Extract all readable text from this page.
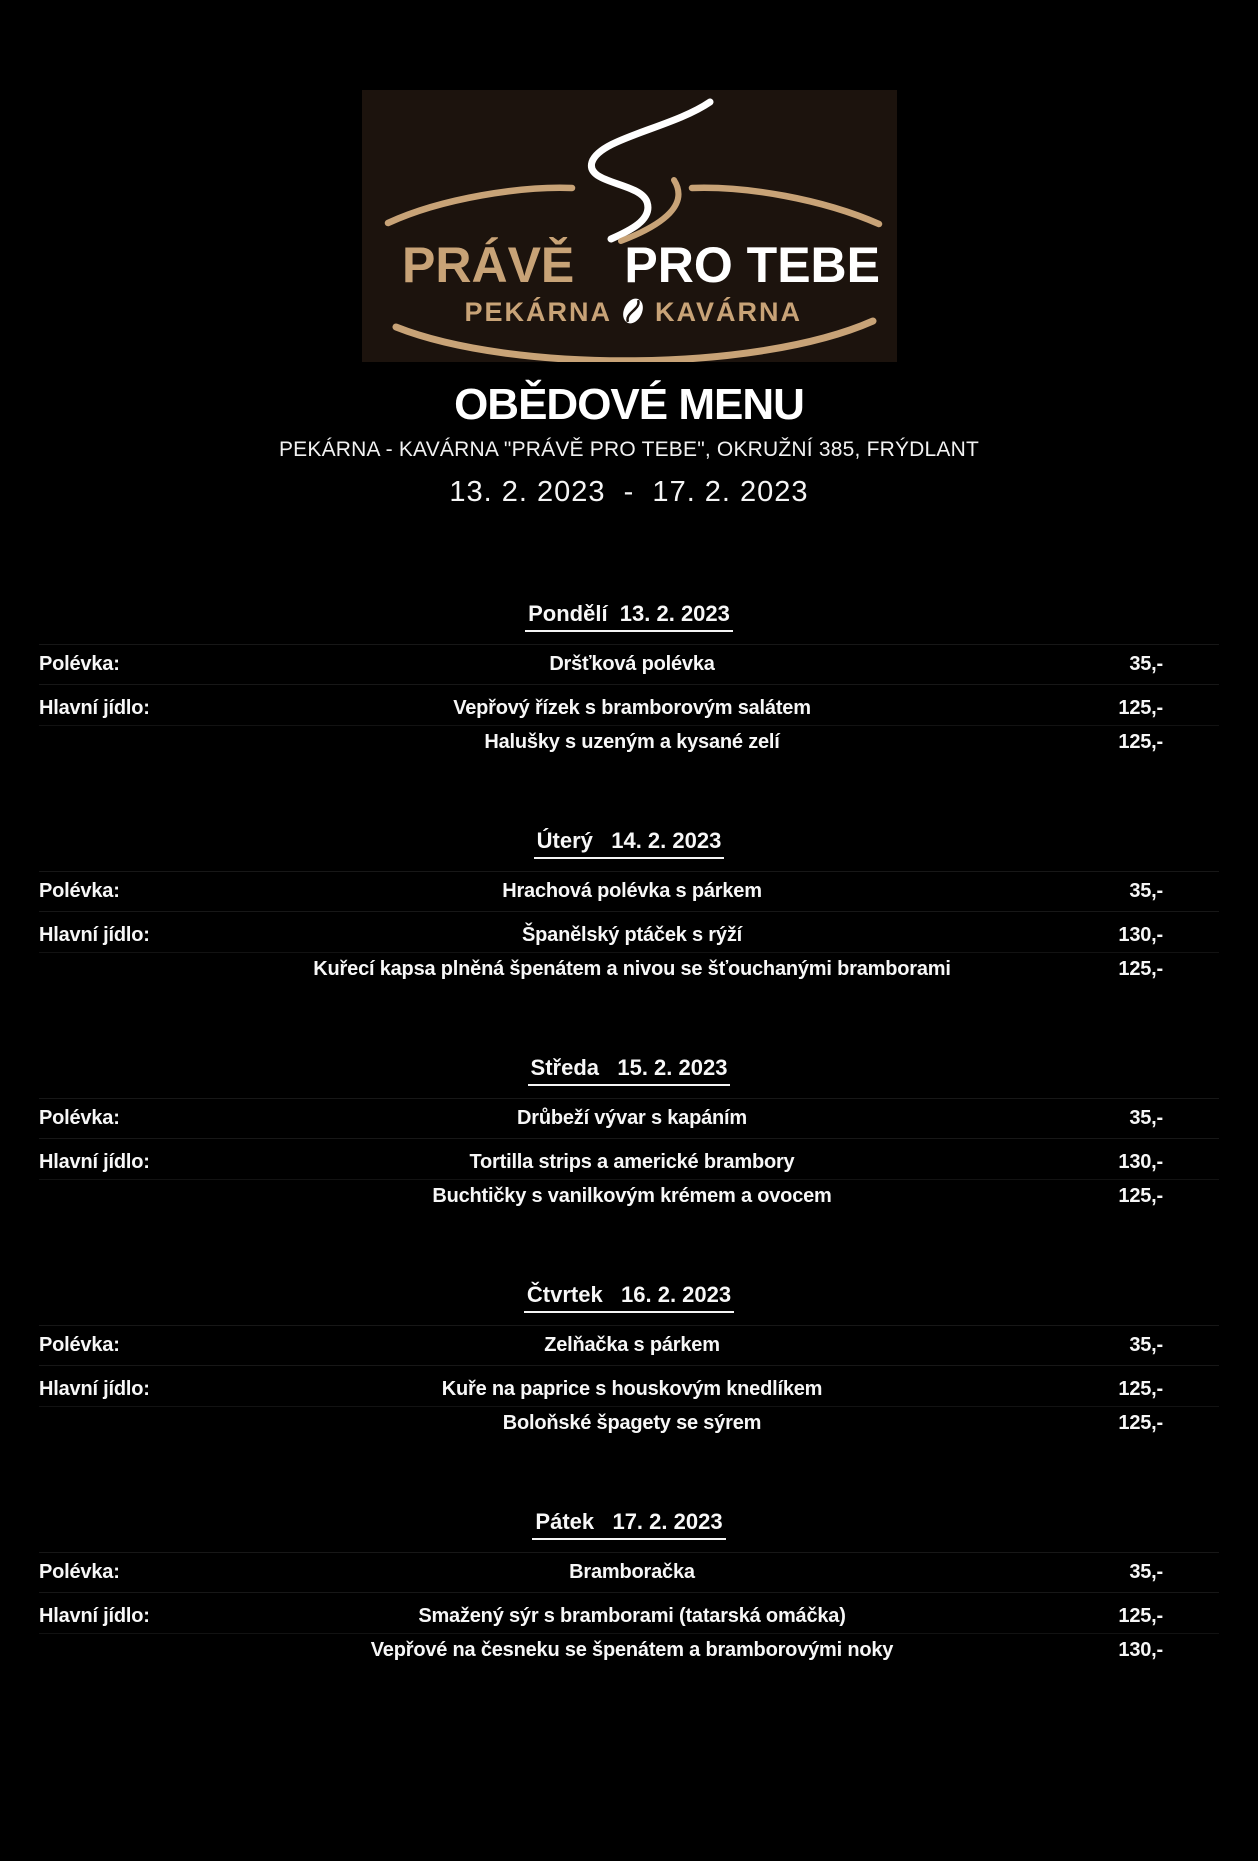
PRÁVĚ PRO TEBE
PEKÁRNA KAVÁRNA
OBĚDOVÉ MENU
PEKÁRNA - KAVÁRNA "PRÁVĚ PRO TEBE", OKRUŽNÍ 385, FRÝDLANT
13. 2. 2023  -  17. 2. 2023
Pondělí  13. 2. 2023
Polévka:	Dršťková polévka	35,-
Hlavní jídlo:	Vepřový řízek s bramborovým salátem	125,-
Halušky s uzeným a kysané zelí	125,-
Úterý   14. 2. 2023
Polévka:	Hrachová polévka s párkem	35,-
Hlavní jídlo:	Španělský ptáček s rýží	130,-
Kuřecí kapsa plněná špenátem a nivou se šťouchanými bramborami	125,-
Středa   15. 2. 2023
Polévka:	Drůbeží vývar s kapáním	35,-
Hlavní jídlo:	Tortilla strips a americké brambory	130,-
Buchtičky s vanilkovým krémem a ovocem	125,-
Čtvrtek   16. 2. 2023
Polévka:	Zelňačka s párkem	35,-
Hlavní jídlo:	Kuře na paprice s houskovým knedlíkem	125,-
Boloňské špagety se sýrem	125,-
Pátek   17. 2. 2023
Polévka:	Bramboračka	35,-
Hlavní jídlo:	Smažený sýr s bramborami (tatarská omáčka)	125,-
Vepřové na česneku se špenátem a bramborovými noky	130,-
